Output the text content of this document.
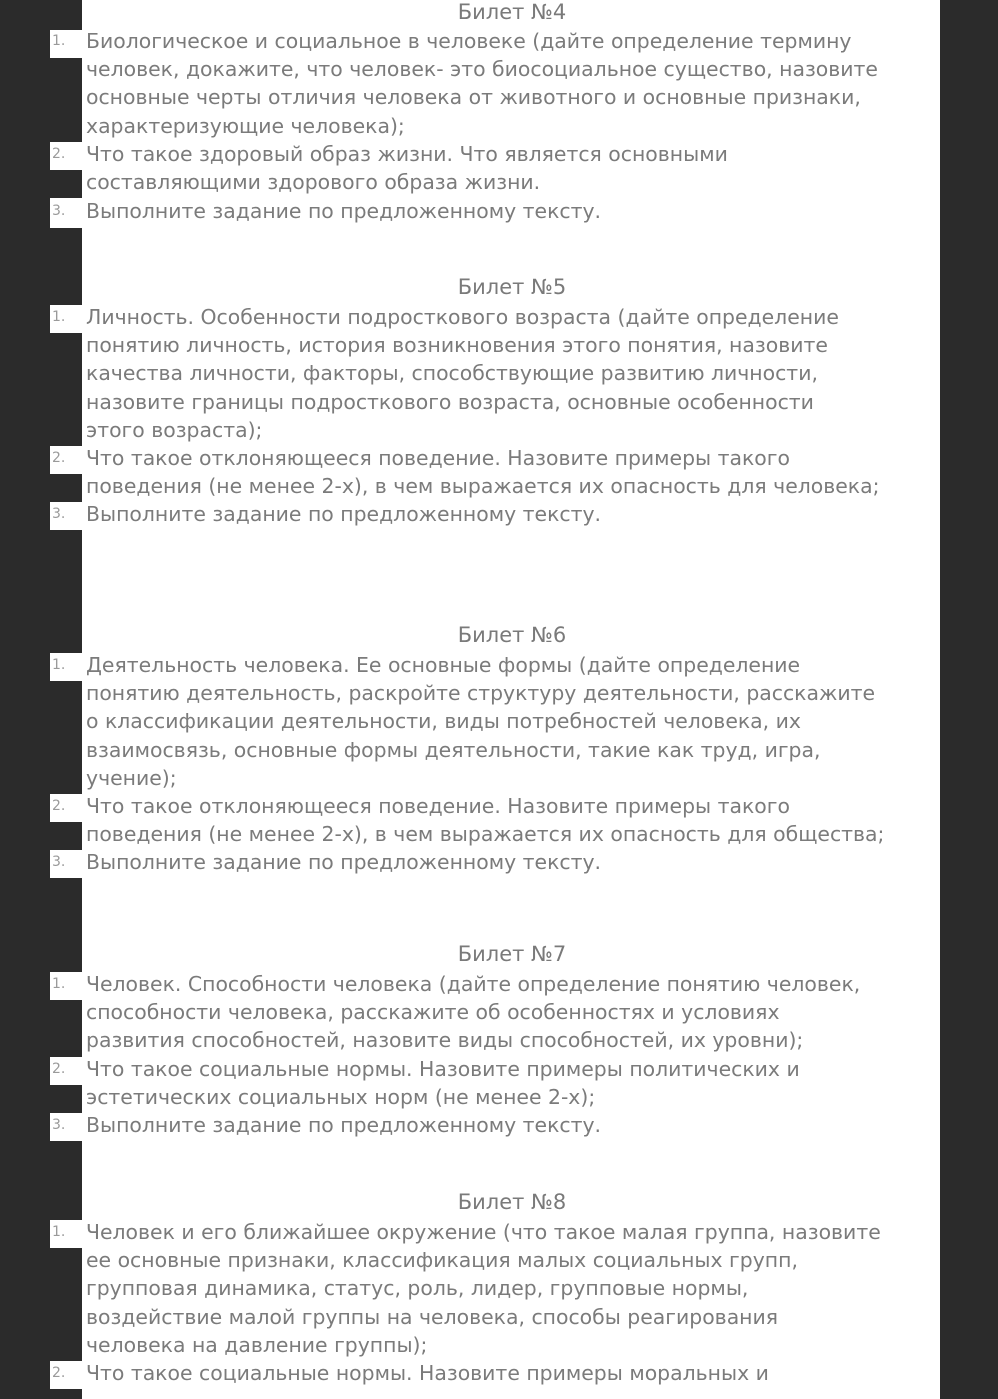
Билет №4
1. Биологическое и социальное в человеке (дайте определение термину
человек, докажите, что человек- это биосоциальное существо, назовите
основные черты отличия человека от животного и основные признаки,
характеризующие человека);
2. Что такое здоровый образ жизни. Что является основными
составляющими здорового образа жизни.
3. Выполните задание по предложенному тексту.
Билет №5
1. Личность. Особенности подросткового возраста (дайте определение
понятию личность, история возникновения этого понятия, назовите
качества личности, факторы, способствующие развитию личности,
назовите границы подросткового возраста, основные особенности
этого возраста);
2. Что такое отклоняющееся поведение. Назовите примеры такого
поведения (не менее 2-х), в чем выражается их опасность для человека;
3. Выполните задание по предложенному тексту.
Билет №6
1. Деятельность человека. Ее основные формы (дайте определение
понятию деятельность, раскройте структуру деятельности, расскажите
о классификации деятельности, виды потребностей человека, их
взаимосвязь, основные формы деятельности, такие как труд, игра,
учение);
2. Что такое отклоняющееся поведение. Назовите примеры такого
поведения (не менее 2-х), в чем выражается их опасность для общества;
3. Выполните задание по предложенному тексту.
Билет №7
1. Человек. Способности человека (дайте определение понятию человек,
способности человека, расскажите об особенностях и условиях
развития способностей, назовите виды способностей, их уровни);
2. Что такое социальные нормы. Назовите примеры политических и
эстетических социальных норм (не менее 2-х);
3. Выполните задание по предложенному тексту.
Билет №8
1. Человек и его ближайшее окружение (что такое малая группа, назовите
ее основные признаки, классификация малых социальных групп,
групповая динамика, статус, роль, лидер, групповые нормы,
воздействие малой группы на человека, способы реагирования
человека на давление группы);
2. Что такое социальные нормы. Назовите примеры моральных и
